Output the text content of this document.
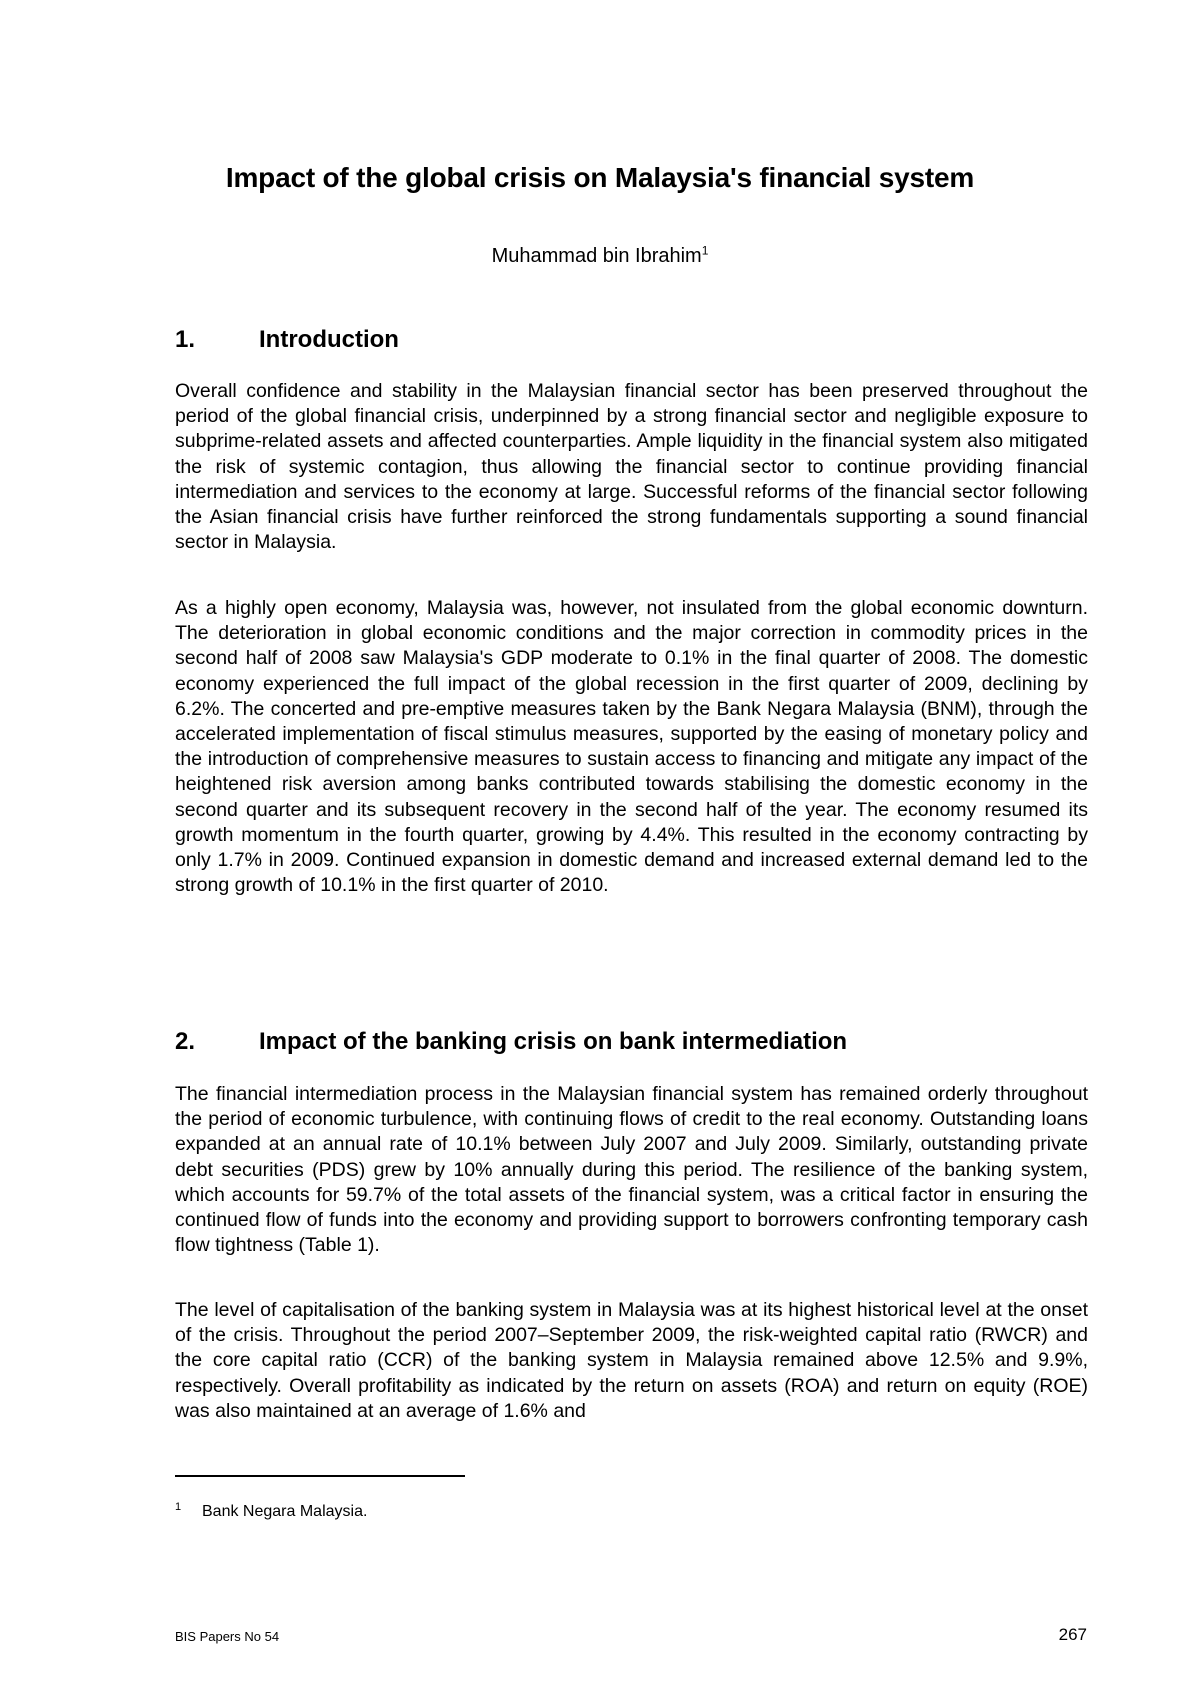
Impact of the global crisis on Malaysia's financial system
Muhammad bin Ibrahim$^1$
1.	Introduction

Overall confidence and stability in the Malaysian financial sector has been preserved throughout the period of the global financial crisis, underpinned by a strong financial sector and negligible exposure to subprime-related assets and affected counterparties. Ample liquidity in the financial system also mitigated the risk of systemic contagion, thus allowing the financial sector to continue providing financial intermediation and services to the economy at large. Successful reforms of the financial sector following the Asian financial crisis have further reinforced the strong fundamentals supporting a sound financial sector in Malaysia.

As a highly open economy, Malaysia was, however, not insulated from the global economic downturn. The deterioration in global economic conditions and the major correction in commodity prices in the second half of 2008 saw Malaysia's GDP moderate to 0.1% in the final quarter of 2008. The domestic economy experienced the full impact of the global recession in the first quarter of 2009, declining by 6.2%. The concerted and pre-emptive measures taken by the Bank Negara Malaysia (BNM), through the accelerated implementation of fiscal stimulus measures, supported by the easing of monetary policy and the introduction of comprehensive measures to sustain access to financing and mitigate any impact of the heightened risk aversion among banks contributed towards stabilising the domestic economy in the second quarter and its subsequent recovery in the second half of the year. The economy resumed its growth momentum in the fourth quarter, growing by 4.4%. This resulted in the economy contracting by only 1.7% in 2009. Continued expansion in domestic demand and increased external demand led to the strong growth of 10.1% in the first quarter of 2010.

2.	Impact of the banking crisis on bank intermediation

The financial intermediation process in the Malaysian financial system has remained orderly throughout the period of economic turbulence, with continuing flows of credit to the real economy. Outstanding loans expanded at an annual rate of 10.1% between July 2007 and July 2009. Similarly, outstanding private debt securities (PDS) grew by 10% annually during this period. The resilience of the banking system, which accounts for 59.7% of the total assets of the financial system, was a critical factor in ensuring the continued flow of funds into the economy and providing support to borrowers confronting temporary cash flow tightness (Table 1).

The level of capitalisation of the banking system in Malaysia was at its highest historical level at the onset of the crisis. Throughout the period 2007–September 2009, the risk-weighted capital ratio (RWCR) and the core capital ratio (CCR) of the banking system in Malaysia remained above 12.5% and 9.9%, respectively. Overall profitability as indicated by the return on assets (ROA) and return on equity (ROE) was also maintained at an average of 1.6% and

1 Bank Negara Malaysia.
BIS Papers No 54	267
